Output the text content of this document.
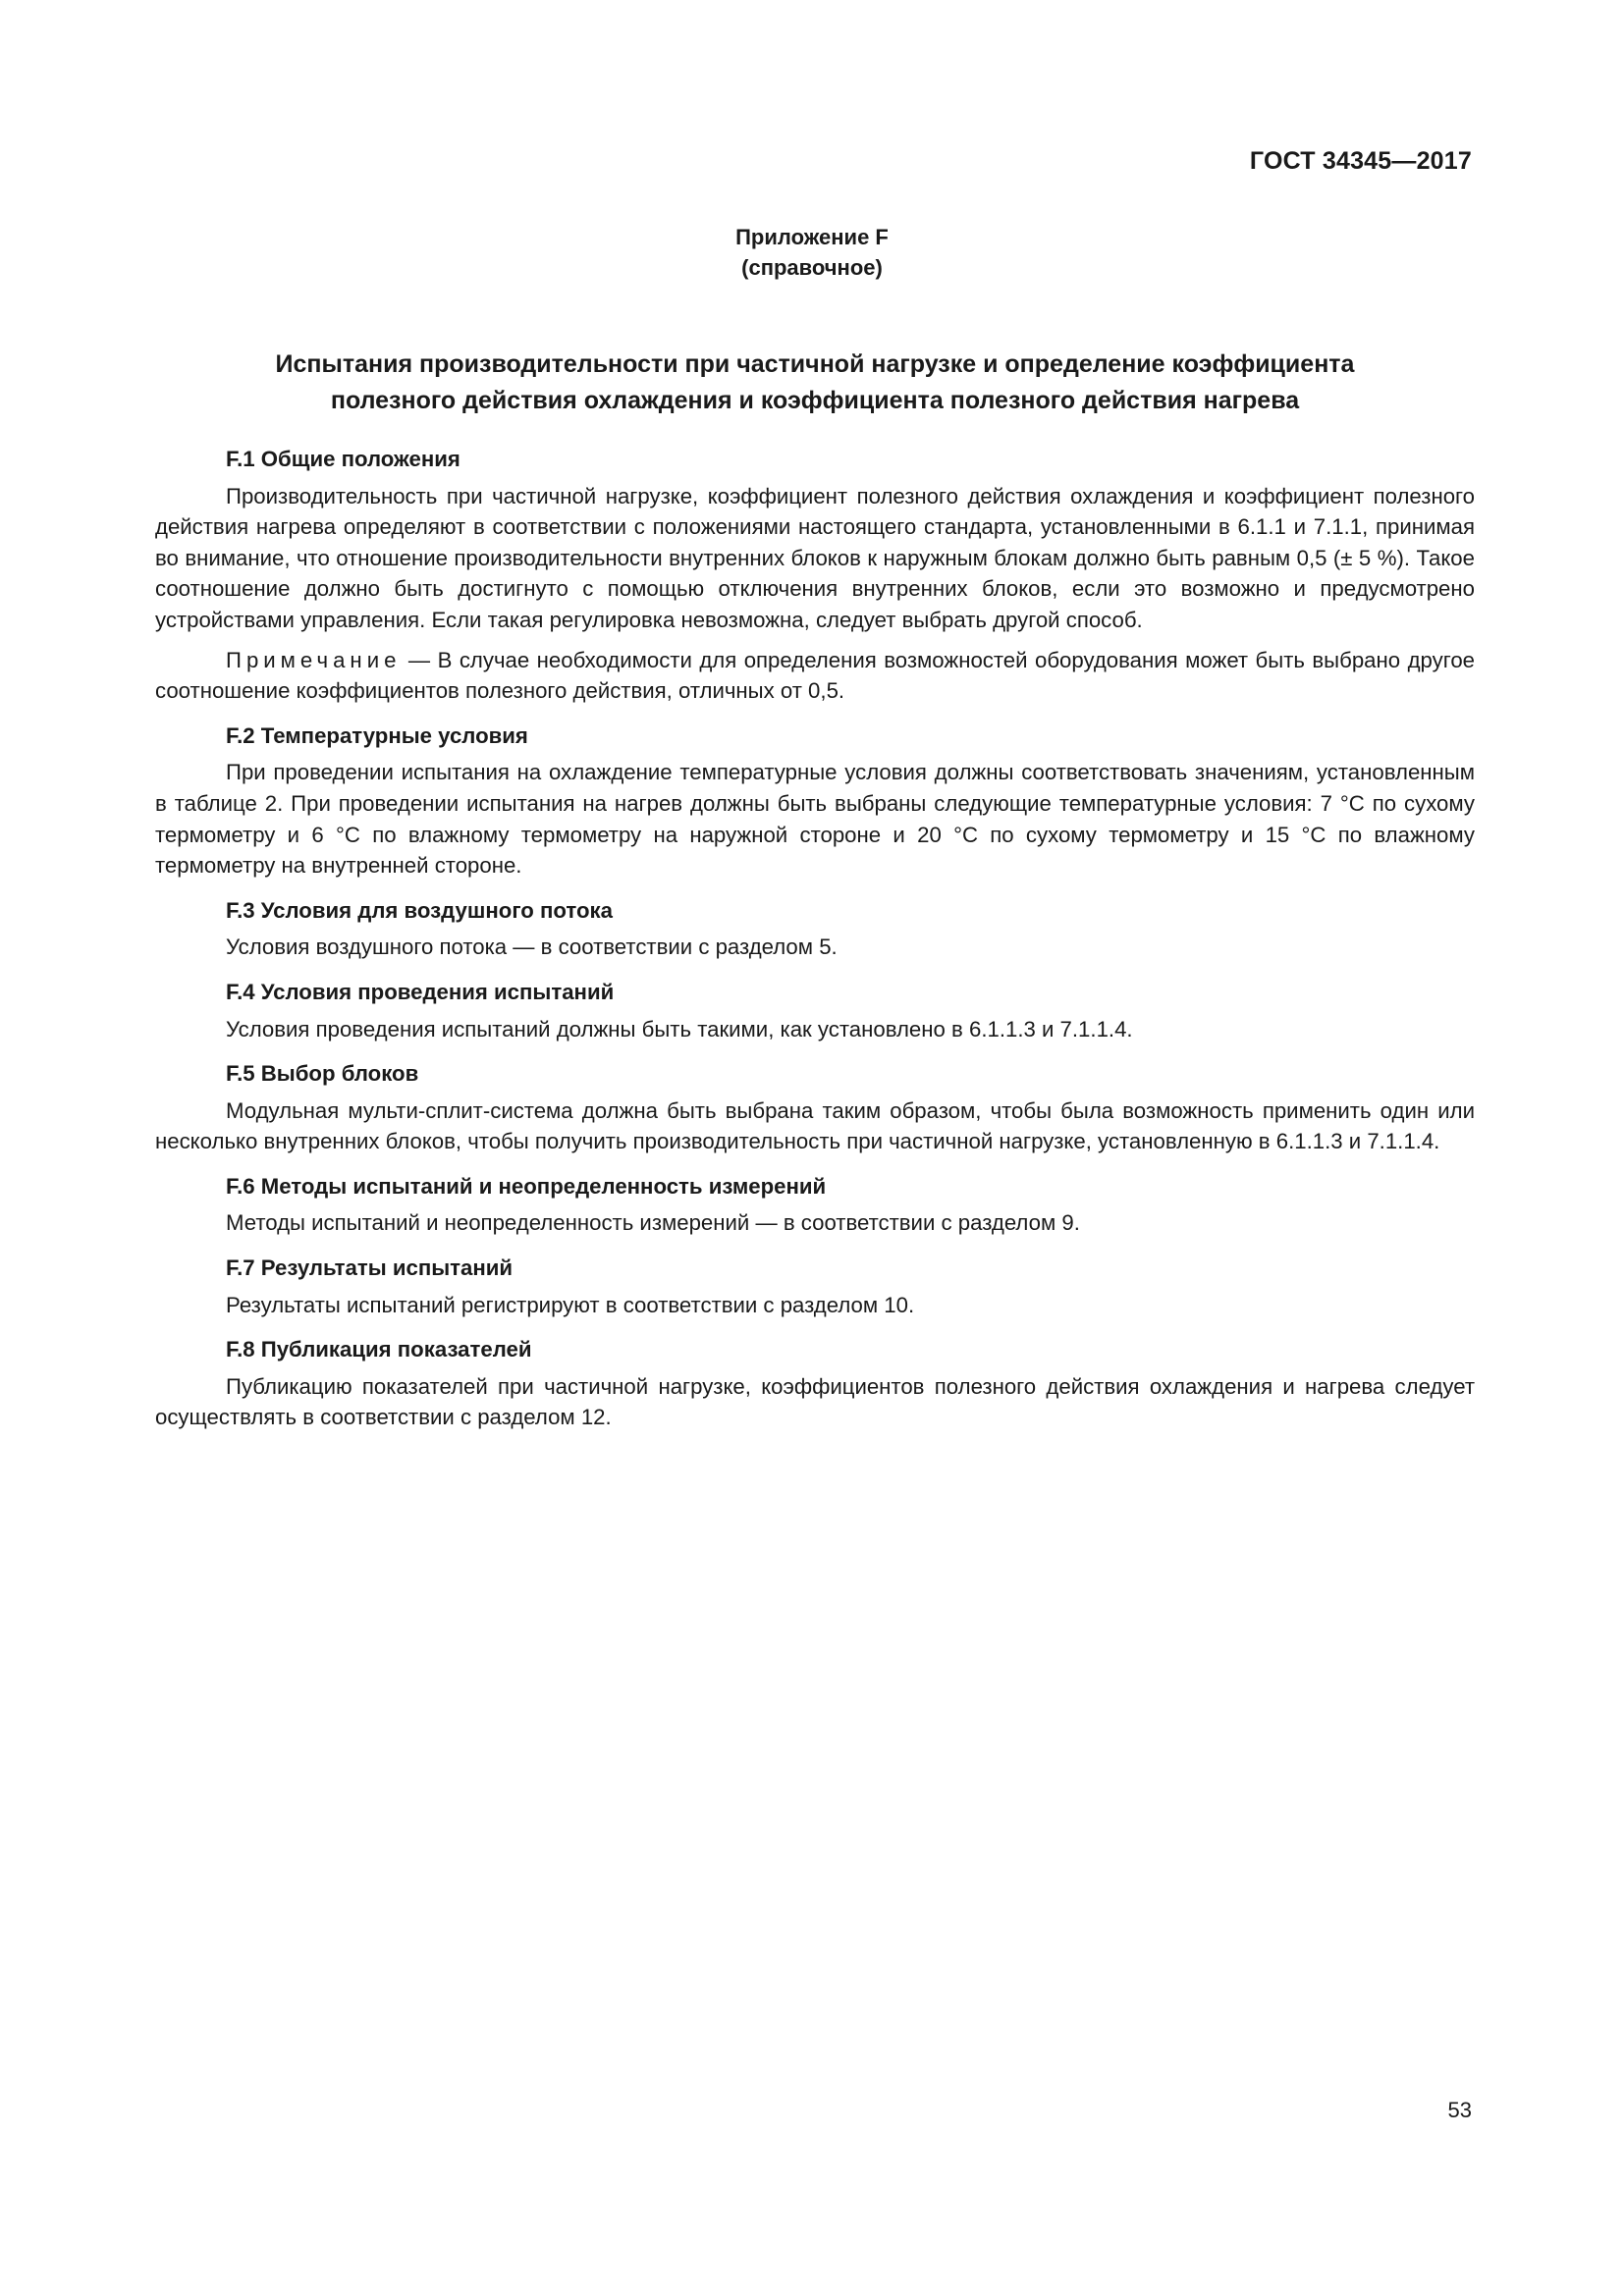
ГОСТ 34345—2017
Приложение F
(справочное)
Испытания производительности при частичной нагрузке и определение коэффициента
полезного действия охлаждения и коэффициента полезного действия нагрева
F.1 Общие положения

Производительность при частичной нагрузке, коэффициент полезного действия охлаждения и коэффициент полезного действия нагрева определяют в соответствии с положениями настоящего стандарта, установленными в 6.1.1 и 7.1.1, принимая во внимание, что отношение производительности внутренних блоков к наружным блокам должно быть равным 0,5 (± 5 %). Такое соотношение должно быть достигнуто с помощью отключения внутренних блоков, если это возможно и предусмотрено устройствами управления. Если такая регулировка невозможна, следует выбрать другой способ.

Примечание — В случае необходимости для определения возможностей оборудования может быть выбрано другое соотношение коэффициентов полезного действия, отличных от 0,5.

F.2 Температурные условия

При проведении испытания на охлаждение температурные условия должны соответствовать значениям, установленным в таблице 2. При проведении испытания на нагрев должны быть выбраны следующие температурные условия: 7 °C по сухому термометру и 6 °C по влажному термометру на наружной стороне и 20 °C по сухому термометру и 15 °C по влажному термометру на внутренней стороне.

F.3 Условия для воздушного потока

Условия воздушного потока — в соответствии с разделом 5.

F.4 Условия проведения испытаний

Условия проведения испытаний должны быть такими, как установлено в 6.1.1.3 и 7.1.1.4.

F.5 Выбор блоков

Модульная мульти-сплит-система должна быть выбрана таким образом, чтобы была возможность применить один или несколько внутренних блоков, чтобы получить производительность при частичной нагрузке, установленную в 6.1.1.3 и 7.1.1.4.

F.6 Методы испытаний и неопределенность измерений

Методы испытаний и неопределенность измерений — в соответствии с разделом 9.

F.7 Результаты испытаний

Результаты испытаний регистрируют в соответствии с разделом 10.

F.8 Публикация показателей

Публикацию показателей при частичной нагрузке, коэффициентов полезного действия охлаждения и нагрева следует осуществлять в соответствии с разделом 12.

53
